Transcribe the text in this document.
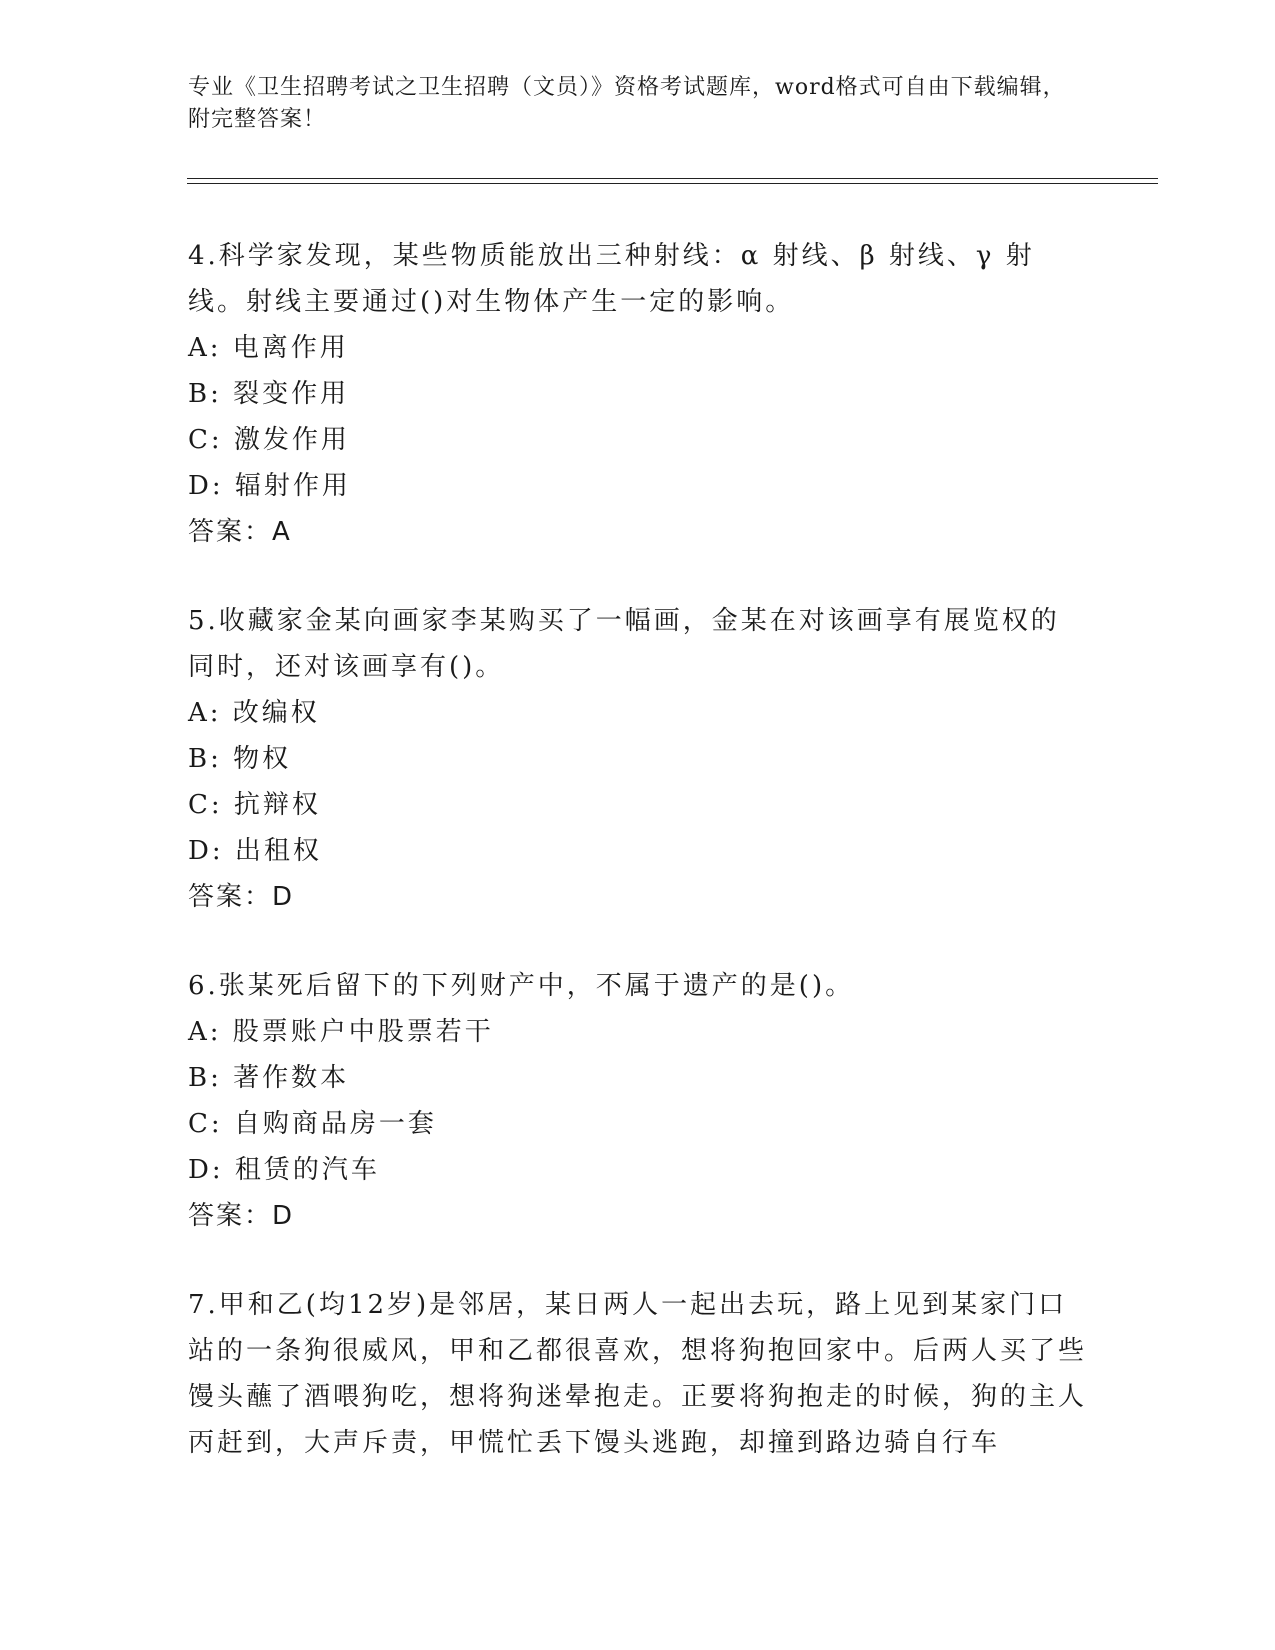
专业《卫生招聘考试之卫生招聘（文员）》资格考试题库，word格式可自由下载编辑，附完整答案！

4.科学家发现，某些物质能放出三种射线：α 射线、β 射线、γ 射线。射线主要通过()对生物体产生一定的影响。

A: 电离作用

B: 裂变作用

C: 激发作用

D: 辐射作用

答案：A

5.收藏家金某向画家李某购买了一幅画，金某在对该画享有展览权的同时，还对该画享有()。

A: 改编权

B: 物权

C: 抗辩权

D: 出租权

答案：D

6.张某死后留下的下列财产中，不属于遗产的是()。

A: 股票账户中股票若干

B: 著作数本

C: 自购商品房一套

D: 租赁的汽车

答案：D

7.甲和乙(均12岁)是邻居，某日两人一起出去玩，路上见到某家门口站的一条狗很威风，甲和乙都很喜欢，想将狗抱回家中。后两人买了些馒头蘸了酒喂狗吃，想将狗迷晕抱走。正要将狗抱走的时候，狗的主人丙赶到，大声斥责，甲慌忙丢下馒头逃跑，却撞到路边骑自行车
